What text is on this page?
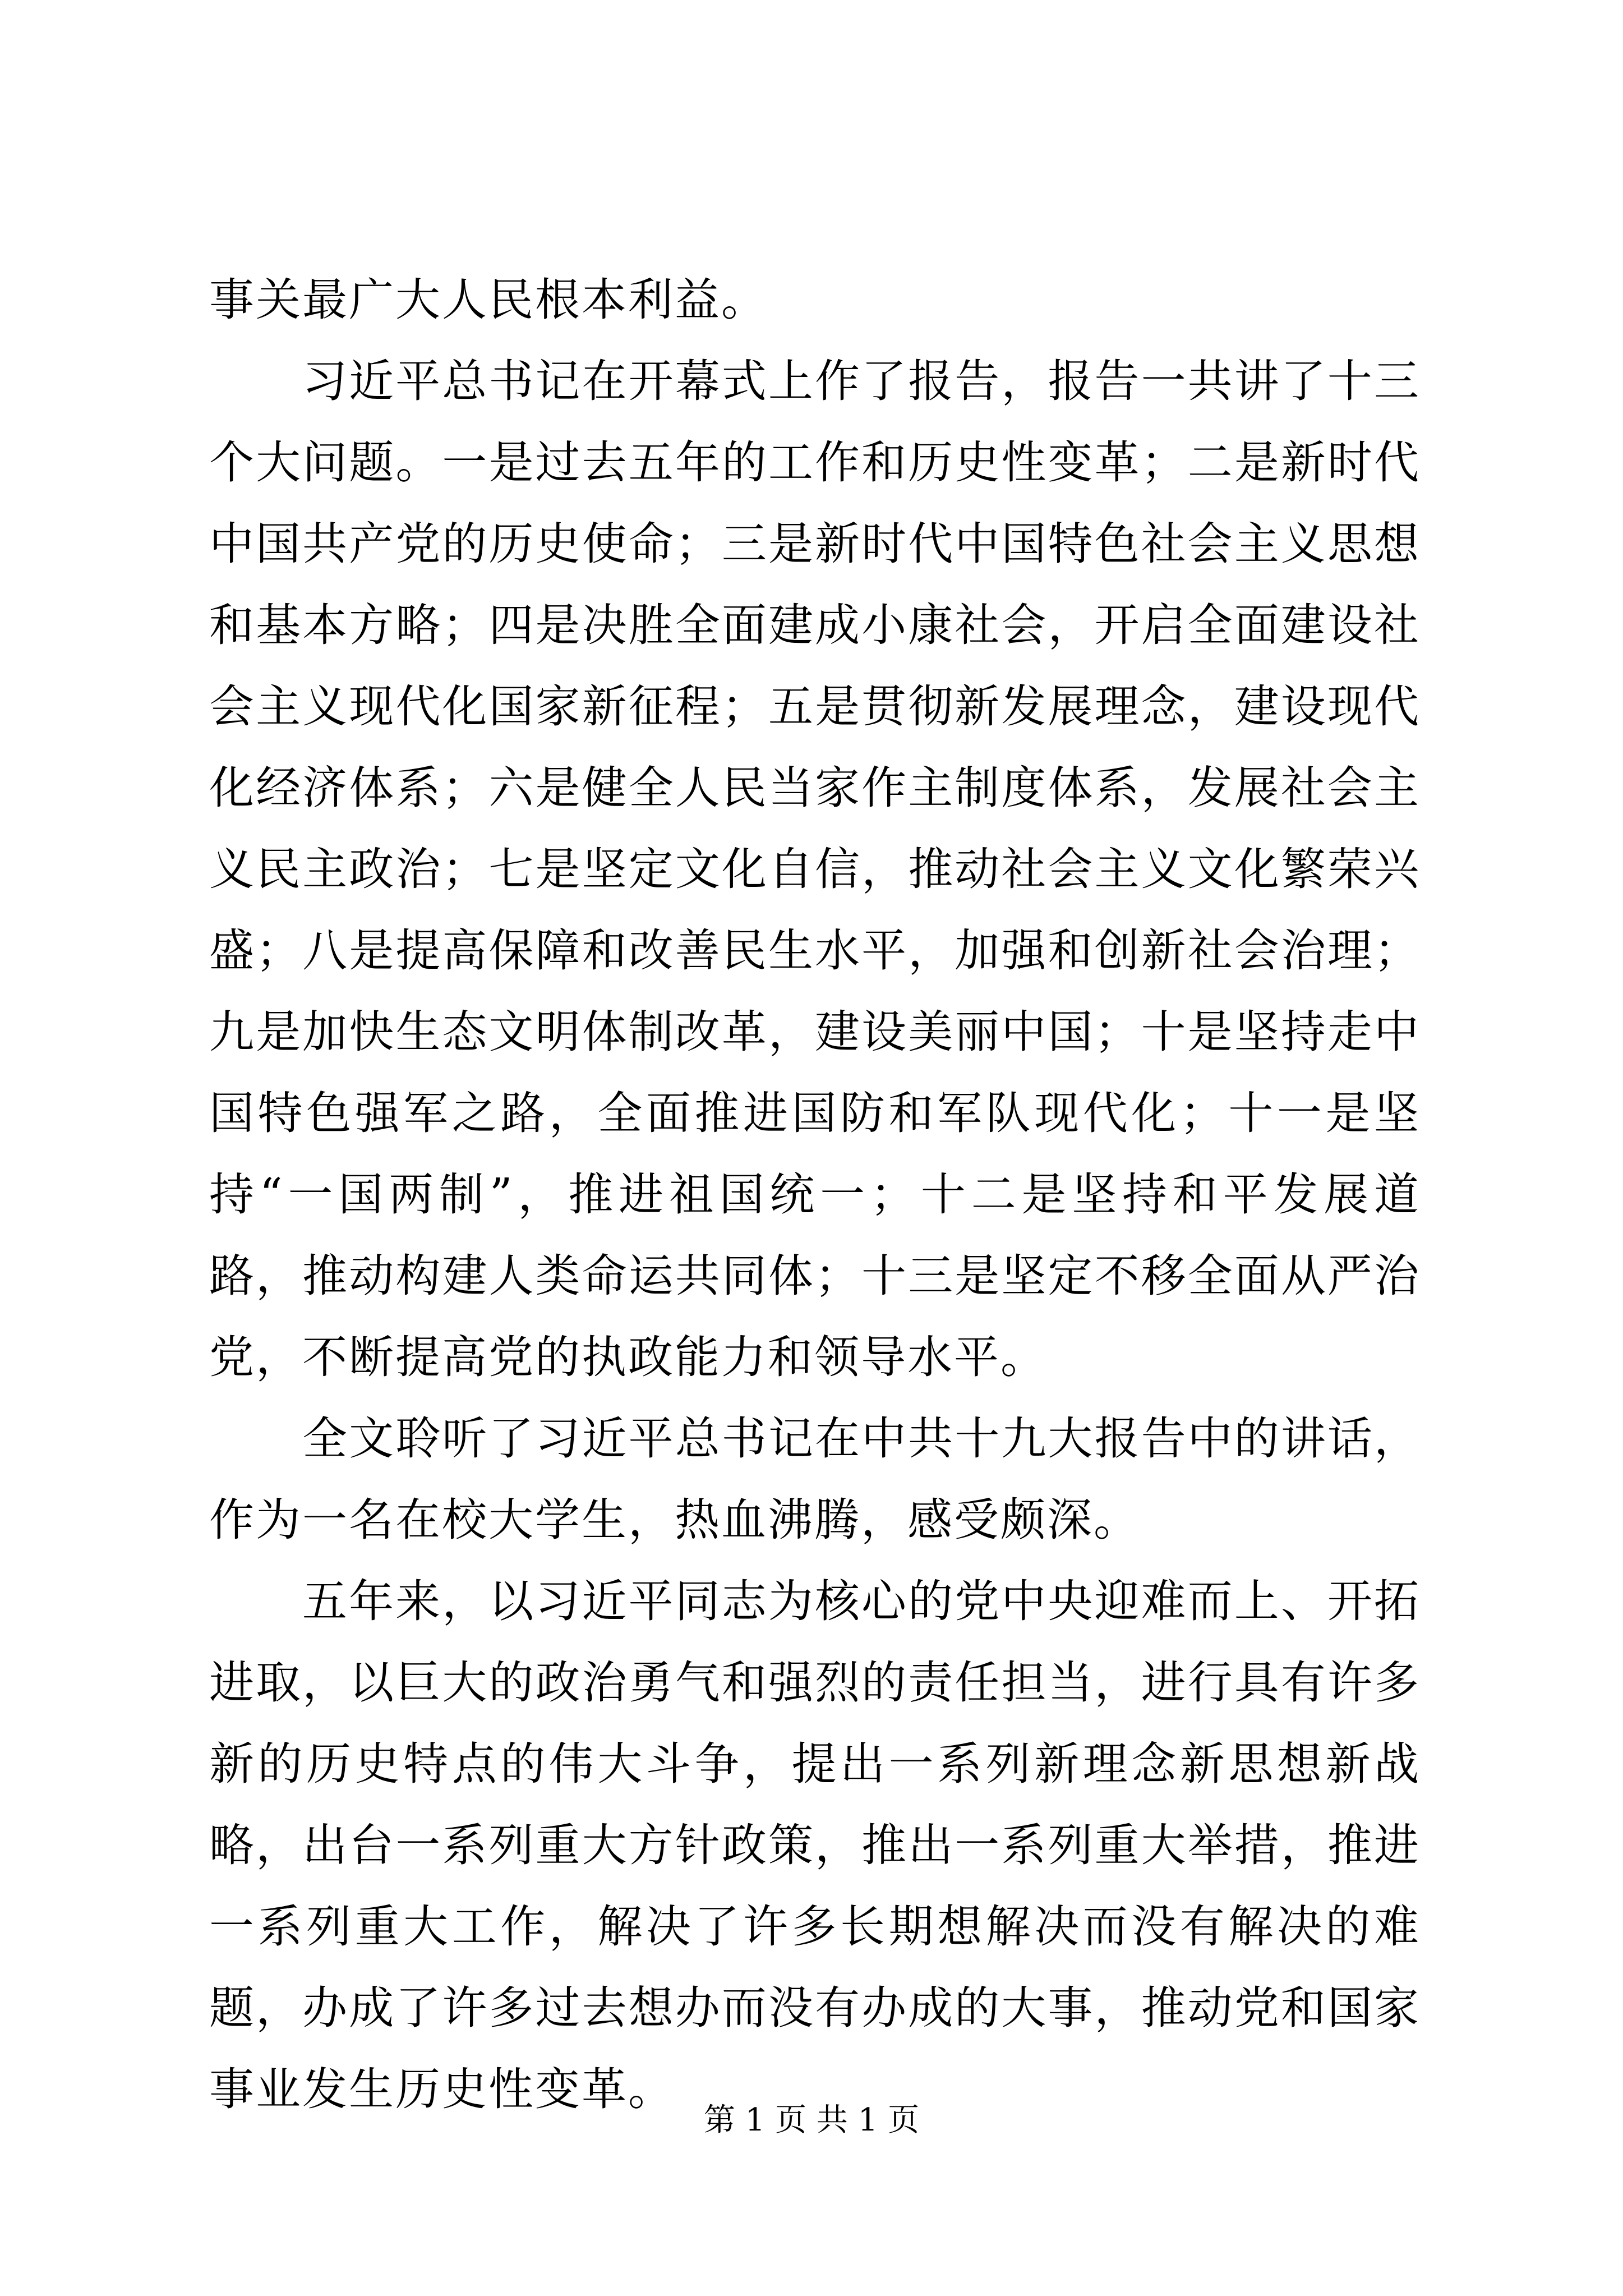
事关最广大人民根本利益。

习近平总书记在开幕式上作了报告，报告一共讲了十三个大问题。一是过去五年的工作和历史性变革；二是新时代中国共产党的历史使命；三是新时代中国特色社会主义思想和基本方略；四是决胜全面建成小康社会，开启全面建设社会主义现代化国家新征程；五是贯彻新发展理念，建设现代化经济体系；六是健全人民当家作主制度体系，发展社会主义民主政治；七是坚定文化自信，推动社会主义文化繁荣兴盛；八是提高保障和改善民生水平，加强和创新社会治理；九是加快生态文明体制改革，建设美丽中国；十是坚持走中国特色强军之路，全面推进国防和军队现代化；十一是坚持“一国两制”，推进祖国统一；十二是坚持和平发展道路，推动构建人类命运共同体；十三是坚定不移全面从严治党，不断提高党的执政能力和领导水平。

全文聆听了习近平总书记在中共十九大报告中的讲话，作为一名在校大学生，热血沸腾，感受颇深。

五年来，以习近平同志为核心的党中央迎难而上、开拓进取，以巨大的政治勇气和强烈的责任担当，进行具有许多新的历史特点的伟大斗争，提出一系列新理念新思想新战略，出台一系列重大方针政策，推出一系列重大举措，推进一系列重大工作，解决了许多长期想解决而没有解决的难题，办成了许多过去想办而没有办成的大事，推动党和国家事业发生历史性变革。

第 1 页 共 1 页
